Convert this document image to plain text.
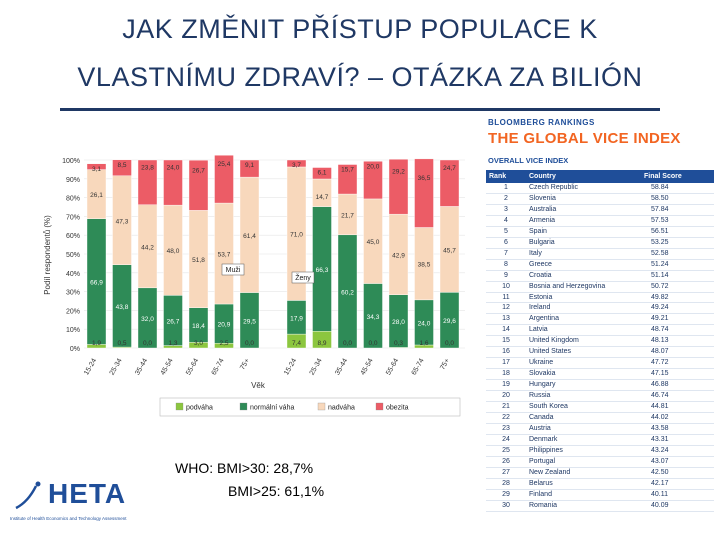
JAK ZMĚNIT PŘÍSTUP POPULACE K
VLASTNÍMU ZDRAVÍ? – OTÁZKA ZA BILIÓN
1,9
66,9
26,1
3,1
0,5
43,8
47,3
8,5
0,0
32,0
44,2
23,8
1,3
26,7
48,0
24,0
3,0
18,4
51,8
26,7
2,5
20,9
53,7
25,4
0,0
29,5
61,4
9,1
7,4
17,9
71,0
3,7
8,9
66,3
14,7
6,1
0,0
60,2
21,7
15,7
0,0
34,3
45,0
20,0
0,3
28,0
42,9
29,2
1,6
24,0
38,5
36,5
0,0
29,6
45,7
24,7
0%
10%
20%
30%
40%
50%
60%
70%
80%
90%
100%
15-24 25-34 35-44 45-54 55-64 65-74 75+	15-24 25-34 35-44 45-54 55-64 65-74 75+
Podíl respondentů (%)
Věk
Muži
Ženy
podváha	normální váha	nadváha	obezita
WHO: BMI>30: 28,7%
BMI>25: 61,1%
HETA
Institute of Health Economics and Technology Assessment
BLOOMBERG RANKINGS
THE GLOBAL VICE INDEX
OVERALL VICE INDEX
Rank	Country	Final Score
1	Czech Republic	58.84
2	Slovenia	58.50
3	Australia	57.84
4	Armenia	57.53
5	Spain	56.51
6	Bulgaria	53.25
7	Italy	52.58
8	Greece	51.24
9	Croatia	51.14
10	Bosnia and Herzegovina	50.72
11	Estonia	49.82
12	Ireland	49.24
13	Argentina	49.21
14	Latvia	48.74
15	United Kingdom	48.13
16	United States	48.07
17	Ukraine	47.72
18	Slovakia	47.15
19	Hungary	46.88
20	Russia	46.74
21	South Korea	44.81
22	Canada	44.02
23	Austria	43.58
24	Denmark	43.31
25	Philippines	43.24
26	Portugal	43.07
27	New Zealand	42.50
28	Belarus	42.17
29	Finland	40.11
30	Romania	40.09
